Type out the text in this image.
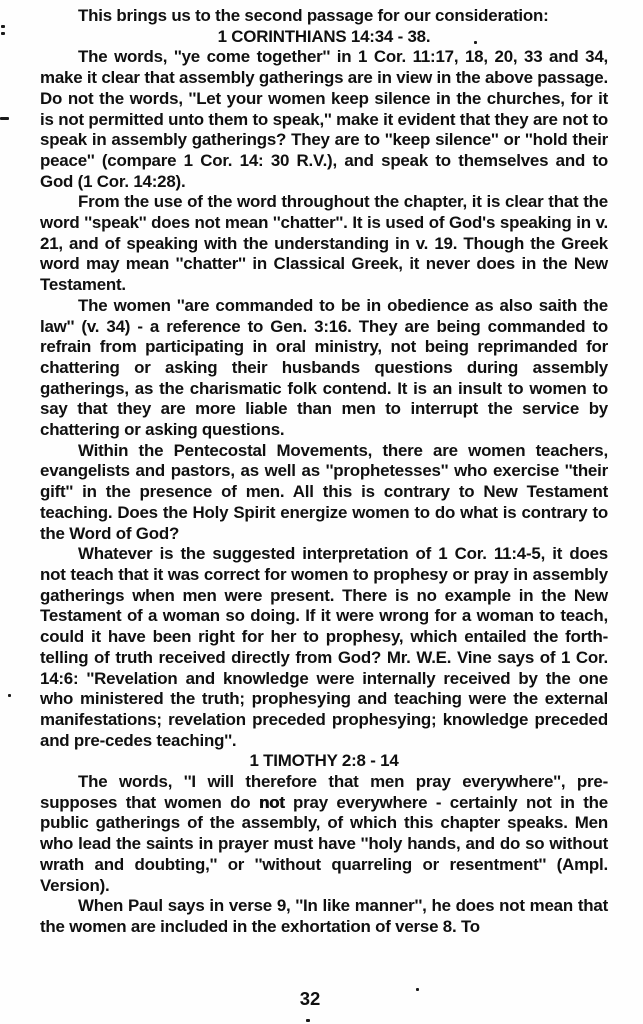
This brings us to the second passage for our consideration:

1 CORINTHIANS 14:34 - 38.

The words, ''ye come together'' in 1 Cor. 11:17, 18, 20, 33 and 34, make it clear that assembly gatherings are in view in the above passage. Do not the words, ''Let your women keep silence in the churches, for it is not permitted unto them to speak,'' make it evident that they are not to speak in assembly gatherings? They are to ''keep silence'' or ''hold their peace'' (compare 1 Cor. 14: 30 R.V.), and speak to themselves and to God (1 Cor. 14:28).

From the use of the word throughout the chapter, it is clear that the word ''speak'' does not mean ''chatter''. It is used of God's speaking in v. 21, and of speaking with the understanding in v. 19. Though the Greek word may mean ''chatter'' in Classical Greek, it never does in the New Testament.

The women ''are commanded to be in obedience as also saith the law'' (v. 34) - a reference to Gen. 3:16. They are being commanded to refrain from participating in oral ministry, not being reprimanded for chattering or asking their husbands questions during assembly gatherings, as the charismatic folk contend. It is an insult to women to say that they are more liable than men to interrupt the service by chattering or asking questions.

Within the Pentecostal Movements, there are women teachers, evangelists and pastors, as well as ''prophetesses'' who exercise ''their gift'' in the presence of men. All this is contrary to New Testament teaching. Does the Holy Spirit energize women to do what is contrary to the Word of God?

Whatever is the suggested interpretation of 1 Cor. 11:4-5, it does not teach that it was correct for women to prophesy or pray in assembly gatherings when men were present. There is no example in the New Testament of a woman so doing. If it were wrong for a woman to teach, could it have been right for her to prophesy, which entailed the forth-telling of truth received directly from God? Mr. W.E. Vine says of 1 Cor. 14:6: ''Revelation and knowledge were internally received by the one who ministered the truth; prophesying and teaching were the external manifestations; revelation preceded prophesying; knowledge preceded and pre-cedes teaching''.

1 TIMOTHY 2:8 - 14

The words, ''I will therefore that men pray everywhere'', pre-supposes that women do not pray everywhere - certainly not in the public gatherings of the assembly, of which this chapter speaks. Men who lead the saints in prayer must have ''holy hands, and do so without wrath and doubting,'' or ''without quarreling or resentment'' (Ampl. Version).

When Paul says in verse 9, ''In like manner'', he does not mean that the women are included in the exhortation of verse 8. To

32
